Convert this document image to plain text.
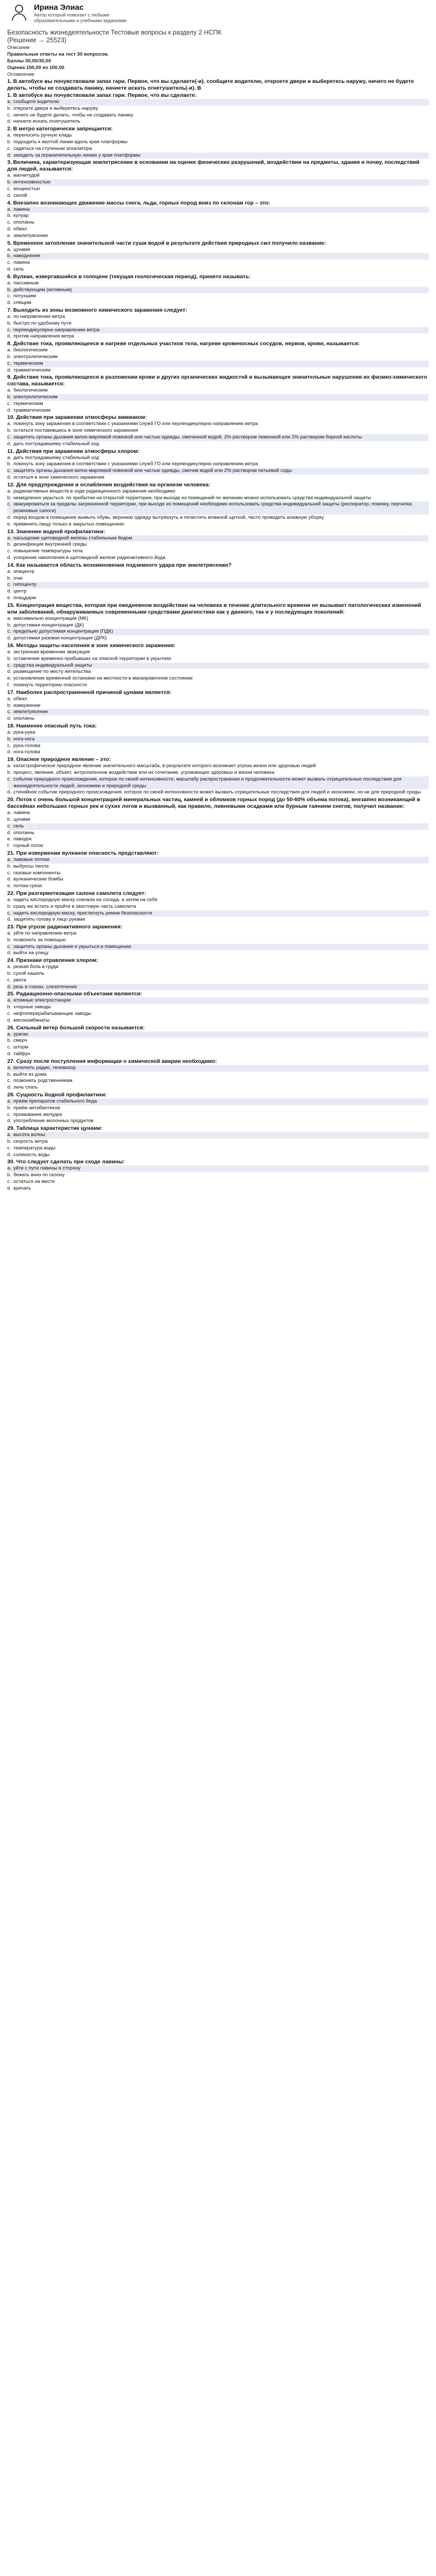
Ирина Элиас
Автор который помогает с любыми образовательными и учебными заданиями
Безопасность жизнедеятельности Тестовые вопросы к разделу 2 НСПК (Решение → 25523)
Описание
Правильные ответы на тест 30 вопросов.
Баллы 30,00/30,00
Оценка 100,00 из 100,00
Оглавление
1. В автобусе вы почувствовали запах гари. Первое, что вы сделаете(-и). сообщите водителю, откроете двери и выберетесь наружу, ничего не будете делать, чтобы не создавать панику, начнете искать огнетушитель(-и). В
1. В автобусе вы почувствовали запах гари. Первое, что вы сделаете:
a. сообщите водителю
b. откроете двери и выберетесь наружу
c. ничего не будете делать, чтобы не создавать панику
d. начнете искать огнетушитель
2. В метро категорически запрещается:
a. переносить ручную кладь
b. подходить к желтой линии вдоль края платформы
c. садиться на ступеньки эскалатора
d. заходить за ограничительную линию у края платформы
3. Величина, характеризующая землетрясение в основании на оценке физических разрушений, воздействии на предметы, здания и почву, последствий для людей, называется:
a. магнитудой
b. интенсивностью
c. мощностью
d. силой
4. Внезапно возникающее движение массы снега, льда, горных пород вниз по склонам гор – это:
a. лавина
b. кулуар
c. оползень
d. обвал
e. землетрясение
5. Временное затопление значительной части суши водой в результате действия природных сил получило название:
a. цунами
b. наводнение
c. лавина
d. сель
6. Вулкан, извергавшийся в голоцене (текущая геологическая период), принято называть:
a. пассивным
b. действующим (активным)
c. потухшим
d. спящим
7. Выходить из зоны возможного химического заражения следует:
a. по направлению ветра
b. быстро по удобному пути
c. перпендикулярно направлению ветра
d. против направления ветра
8. Действие тока, проявляющееся в нагреве отдельных участков тела, нагреве кровеносных сосудов, нервов, крови, называется:
a. биологическим
b. электролитическим
c. термическим
d. травматическим
9. Действие тока, проявляющееся в разложении крови и других органических жидкостей и вызывающее значительные нарушения их физико-химического состава, называется:
a. биологическим
b. электролитическим
c. термическим
d. травматическим
10. Действия при заражении атмосферы аммиаком:
a. покинуть зону заражения в соответствии с указаниями служб ГО или перпендикулярно направлению ветра
b. остаться поставившись в зоне химического заражения
c. защитить органы дыхания ватно-марлевой повязкой или частью одежды, смоченной водой, 2% раствором лимонной или 2% раствором борной кислоты
d. дать пострадавшему стабильный ход
11. Действия при заражении атмосферы хлором:
a. дать пострадавшему стабильный ход
b. покинуть зону заражения в соответствии с указаниями служб ГО или перпендикулярно направлению ветра
c. защитить органы дыхания ватно-марлевой повязкой или частью одежды, смочив водой или 2% раствором питьевой соды
d. остаться в зоне химического заражения
12. Для предупреждения и ослабления воздействия на организм человека:
a. радиоактивных веществ в ходе радиационного заражения необходимо
b. немедленно укрыться, по прибытии на открытой территории, при выходе из помещений по желанию можно использовать средства индивидуальной защиты
c. эвакуироваться за пределы загрязненной территории, при выходе из помещений необходимо использовать средства индивидуальной защиты (респиратор, повязку, перчатки, резиновые сапоги)
d. перед входом в помещение вымыть обувь, верхнюю одежду вытряхнуть и почистить влажной щеткой, часто проводить влажную уборку
e. применять пищу только в закрытых помещениях
13. Значение водной профилактики:
a. насыщение щитовидной железы стабильным йодом
b. дезинфекция внутренней среды
c. повышение температуры тела
d. ускорение накопления в щитовидной железе радиоактивного йода
14. Как называется область возникновения подземного удара при землетрясении?
a. эпицентр
b. очаг
c. гипоцентр
d. центр
e. плацдарм
15. Концентрация вещества, которая при ежедневном воздействии на человека в течение длительного времени не вызывает патологических изменений или заболеваний, обнаруживаемых современными средствами диагностики как у данного, так и у последующих поколений:
a. максимально концентрация (МК)
b. допустимая концентрация (ДК)
c. предельно допустимая концентрация (ПДК)
d. допустимая разовая концентрация (ДРК)
16. Методы защиты населения в зоне химического заражения:
a. экстренная временная эвакуация
b. оставление временно прибывших на опасной территории в укрытиях
c. средства индивидуальной защиты
d. размещение по месту жительства
e. установление временной остановки на местности в маскировочном состоянии
f. покинуть территорию опасности
17. Наиболее распространенной причиной цунами является:
a. обвал
b. извержение
c. землетрясение
d. оползень
18. Наименее опасный путь тока:
a. рука-рука
b. нога-нога
c. рука-голова
d. нога-голова
19. Опасное природное явление – это:
a. катастрофическое природное явление значительного масштаба, в результате которого возникает угроза жизни или здоровью людей
b. процесс, явление, объект, антропогенное воздействие или их сочетание, угрожающее здоровью и жизни человека
c. событие природного происхождения, которое по своей интенсивности, масштабу распространения и продолжительности может вызвать отрицательные последствия для жизнедеятельности людей, экономики и природной среды
d. стихийное событие природного происхождения, которое по своей интенсивности может вызвать отрицательные последствия для людей и экономики, но не для природной среды
20. Поток с очень большой концентрацией минеральных частиц, камней и обломков горных пород (до 50-60% объема потока), внезапно возникающий в бассейнах небольших горных рек и сухих логов и вызванный, как правило, ливневыми осадками или бурным таянием снегов, получил название:
a. лавина
b. цунами
c. сель
d. оползень
e. паводок
f. горный поток
21. При извержении вулканов опасность представляют:
a. лавовые потоки
b. выбросы пепла
c. газовые компоненты
d. вулканические бомбы
e. потоки грязи
22. При разгерметизации салона самолета следует:
a. надеть кислородную маску сначала на соседа, а затем на себя
b. сразу же встать и пройти в хвостовую часть самолета
c. надеть кислородную маску, пристегнуть ремни безопасности
d. защитить голову и лицо руками
23. При угрозе радиоактивного заражения:
a. уйти по направлению ветра
b. позвонить за помощью
c. защитить органы дыхания и укрыться в помещении
d. выйти на улицу
24. Признаки отравления хлором:
a. резкая боль в груди
b. сухой кашель
c. рвота
d. резь в глазах, слезотечение
25. Радиационно-опасными объектами являются:
a. атомные электростанции
b. хлорные заводы
c. нефтеперерабатывающие заводы
d. мясокомбинаты
26. Сильный ветер большой скорости называется:
a. ураган
b. смерч
c. шторм
d. тайфун
27. Сразу после поступления информации о химической аварии необходимо:
a. включить радио, телевизор
b. выйти из дома
c. позвонить родственникам
d. лечь спать
28. Сущность йодной профилактики:
a. приём препаратов стабильного йода
b. приём антибиотиков
c. промывание желудка
d. употребление молочных продуктов
29. Таблица характеристик цунами:
a. высота волны
b. скорость ветра
c. температура воды
d. соленость воды
30. Что следует сделать при сходе лавины:
a. уйти с пути лавины в сторону
b. бежать вниз по склону
c. остаться на месте
d. кричать
